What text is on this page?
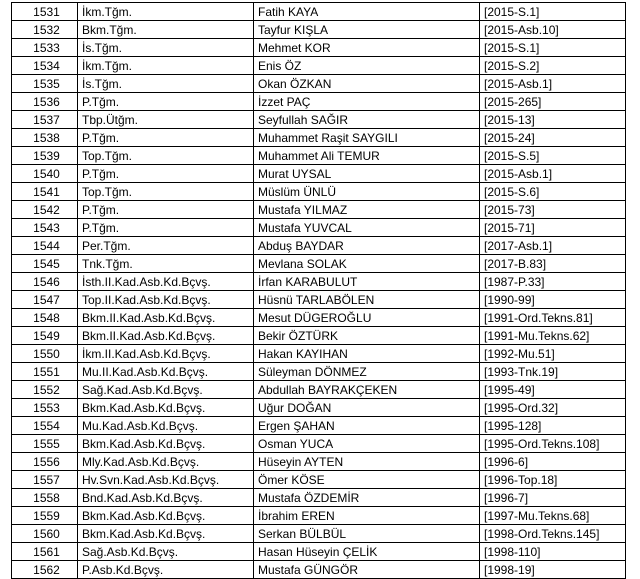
1531	İkm.Tğm.	Fatih KAYA	[2015-S.1]
1532	Bkm.Tğm.	Tayfur KIŞLA	[2015-Asb.10]
1533	İs.Tğm.	Mehmet KOR	[2015-S.1]
1534	İkm.Tğm.	Enis ÖZ	[2015-S.2]
1535	İs.Tğm.	Okan ÖZKAN	[2015-Asb.1]
1536	P.Tğm.	İzzet PAÇ	[2015-265]
1537	Tbp.Ütğm.	Seyfullah SAĞIR	[2015-13]
1538	P.Tğm.	Muhammet Raşit SAYGILI	[2015-24]
1539	Top.Tğm.	Muhammet Ali TEMUR	[2015-S.5]
1540	P.Tğm.	Murat UYSAL	[2015-Asb.1]
1541	Top.Tğm.	Müslüm ÜNLÜ	[2015-S.6]
1542	P.Tğm.	Mustafa YILMAZ	[2015-73]
1543	P.Tğm.	Mustafa YUVCAL	[2015-71]
1544	Per.Tğm.	Abduş BAYDAR	[2017-Asb.1]
1545	Tnk.Tğm.	Mevlana SOLAK	[2017-B.83]
1546	İsth.II.Kad.Asb.Kd.Bçvş.	İrfan KARABULUT	[1987-P.33]
1547	Top.II.Kad.Asb.Kd.Bçvş.	Hüsnü TARLABÖLEN	[1990-99]
1548	Bkm.II.Kad.Asb.Kd.Bçvş.	Mesut DÜGEROĞLU	[1991-Ord.Tekns.81]
1549	Bkm.II.Kad.Asb.Kd.Bçvş.	Bekir ÖZTÜRK	[1991-Mu.Tekns.62]
1550	İkm.II.Kad.Asb.Kd.Bçvş.	Hakan KAYIHAN	[1992-Mu.51]
1551	Mu.II.Kad.Asb.Kd.Bçvş.	Süleyman DÖNMEZ	[1993-Tnk.19]
1552	Sağ.Kad.Asb.Kd.Bçvş.	Abdullah BAYRAKÇEKEN	[1995-49]
1553	Bkm.Kad.Asb.Kd.Bçvş.	Uğur DOĞAN	[1995-Ord.32]
1554	Mu.Kad.Asb.Kd.Bçvş.	Ergen ŞAHAN	[1995-128]
1555	Bkm.Kad.Asb.Kd.Bçvş.	Osman YUCA	[1995-Ord.Tekns.108]
1556	Mly.Kad.Asb.Kd.Bçvş.	Hüseyin AYTEN	[1996-6]
1557	Hv.Svn.Kad.Asb.Kd.Bçvş.	Ömer KÖSE	[1996-Top.18]
1558	Bnd.Kad.Asb.Kd.Bçvş.	Mustafa ÖZDEMİR	[1996-7]
1559	Bkm.Kad.Asb.Kd.Bçvş.	İbrahim EREN	[1997-Mu.Tekns.68]
1560	Bkm.Kad.Asb.Kd.Bçvş.	Serkan BÜLBÜL	[1998-Ord.Tekns.145]
1561	Sağ.Asb.Kd.Bçvş.	Hasan Hüseyin ÇELİK	[1998-110]
1562	P.Asb.Kd.Bçvş.	Mustafa GÜNGÖR	[1998-19]
